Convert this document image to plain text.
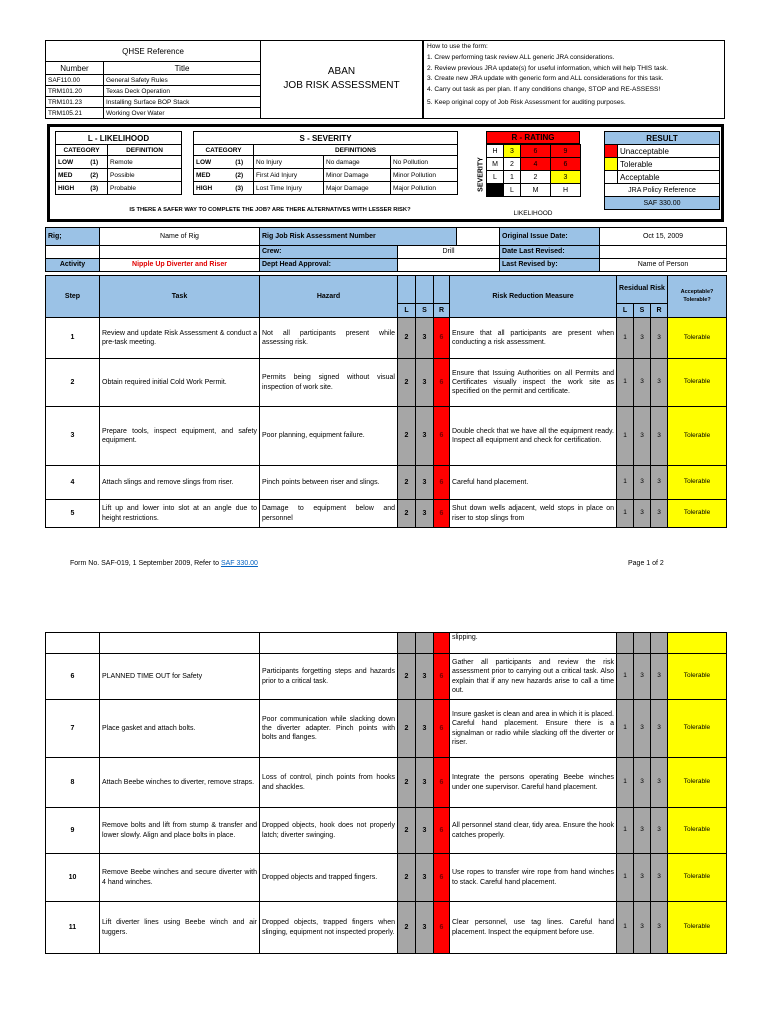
QHSE Reference	
Number	Title
SAF110.00	General Safety Rules
TRM101.20	Texas Deck Operation
TRM101.23	Installing Surface BOP Stack
TRM105.21	Working Over Water
ABAN
JOB RISK ASSESSMENT
How to use the form:
1. Crew performing task review ALL generic JRA considerations.
2. Review previous JRA update(s) for useful information, which will help THIS task.
3. Create new JRA update with generic form and ALL considerations for this task.
4. Carry out task as per plan. If any conditions change, STOP and RE-ASSESS!
5. Keep original copy of Job Risk Assessment for auditing purposes.
L - LIKELIHOOD		
CATEGORY		DEFINITION
LOW	(1)	Remote
MED	(2)	Possible
HIGH	(3)	Probable
S - SEVERITY				
CATEGORY		DEFINITIONS		
LOW	(1)	No Injury	No damage	No Pollution
MED	(2)	First Aid Injury	Minor Damage	Minor Pollution
HIGH	(3)	Lost Time Injury	Major Damage	Major Pollution	SEVERITY
R - RATING
H	3	6	9
M	2	4	6
L	1	2	3
	L	M	H
LIKELIHOOD
RESULT	
	Unacceptable
	Tolerable
	Acceptable
JRA Policy Reference	
SAF 330.00	
IS THERE A SAFER WAY TO COMPLETE THE JOB? ARE THERE ALTERNATIVES WITH LESSER RISK?
Rig;	Name of Rig	Rig Job Risk Assessment Number			Original Issue Date:	Oct 15, 2009
		Crew:	Drill		Date Last Revised:	
Activity	Nipple Up Diverter and Riser	Dept Head Approval:			Last Revised by:	Name of Person
Step	Task	Hazard				Risk Reduction Measure	Residual Risk			Acceptable? Tolerable?
			L	S	R		L	S	R	
1	Review and update Risk Assessment & conduct a pre-task meeting.	Not all participants present while assessing risk.	2	3	6	Ensure that all participants are present when conducting a risk assessment.	1	3	3	Tolerable
2	Obtain required initial Cold Work Permit.	Permits being signed without visual inspection of work site.	2	3	6	Ensure that Issuing Authorities on all Permits and Certificates visually inspect the work site as specified on the permit and certificate.	1	3	3	Tolerable
3	Prepare tools, inspect equipment, and safety equipment.	Poor planning, equipment failure.	2	3	6	Double check that we have all the equipment ready. Inspect all equipment and check for certification.	1	3	3	Tolerable
4	Attach slings and remove slings from riser.	Pinch points between riser and slings.	2	3	6	Careful hand placement.	1	3	3	Tolerable
5	Lift up and lower into slot at an angle due to height restrictions.	Damage to equipment below and personnel	2	3	6	Shut down wells adjacent, weld stops in place on riser to stop slings from	1	3	3	Tolerable
Form No. SAF-019, 1 September 2009, Refer to SAF 330.00	Page 1 of 2
						slipping.				
6	PLANNED TIME OUT for Safety	Participants forgetting steps and hazards prior to a critical task.	2	3	6	Gather all participants and review the risk assessment prior to carrying out a critical task. Also explain that if any new hazards arise to call a time out.	1	3	3	Tolerable
7	Place gasket and attach bolts.	Poor communication while slacking down the diverter adapter. Pinch points with bolts and flanges.	2	3	6	Insure gasket is clean and area in which it is placed. Careful hand placement. Ensure there is a signalman or radio while slacking off the diverter or riser.	1	3	3	Tolerable
8	Attach Beebe winches to diverter, remove straps.	Loss of control, pinch points from hooks and shackles.	2	3	6	Integrate the persons operating Beebe winches under one supervisor. Careful hand placement.	1	3	3	Tolerable
9	Remove bolts and lift from stump & transfer and lower slowly. Align and place bolts in place.	Dropped objects, hook does not properly latch; diverter swinging.	2	3	6	All personnel stand clear, tidy area. Ensure the hook catches properly.	1	3	3	Tolerable
10	Remove Beebe winches and secure diverter with 4 hand winches.	Dropped objects and trapped fingers.	2	3	6	Use ropes to transfer wire rope from hand winches to stack. Careful hand placement.	1	3	3	Tolerable
11	Lift diverter lines using Beebe winch and air tuggers.	Dropped objects, trapped fingers when slinging, equipment not inspected properly.	2	3	6	Clear personnel, use tag lines. Careful hand placement. Inspect the equipment before use.	1	3	3	Tolerable
